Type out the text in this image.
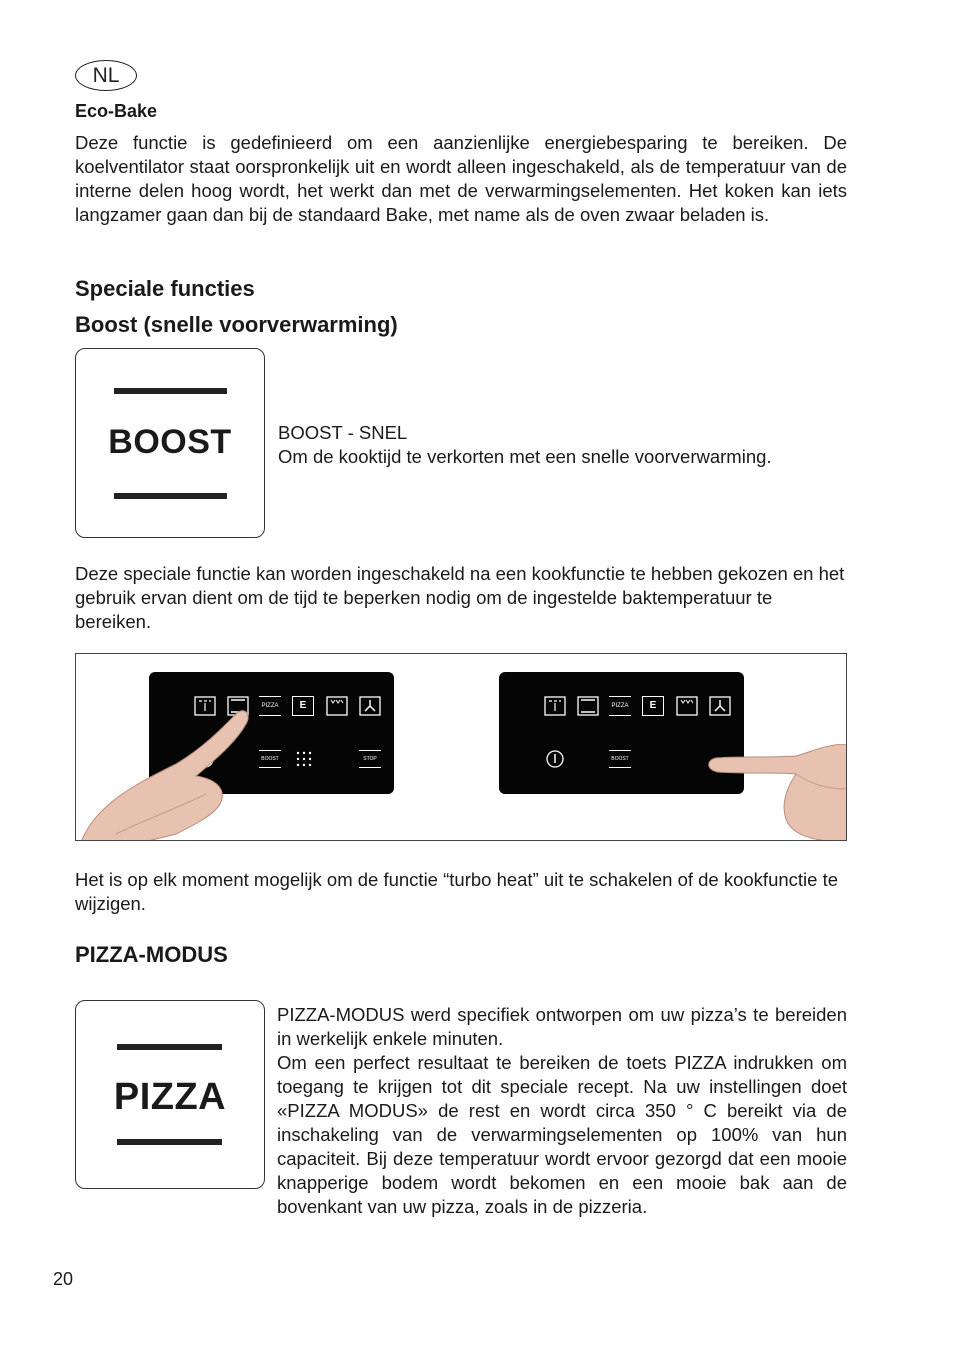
NL
Eco-Bake
Deze functie is gedefinieerd om een aanzienlijke energiebesparing te bereiken. De koelventilator staat oorspronkelijk uit en wordt alleen ingeschakeld, als de temperatuur van de interne delen hoog wordt, het werkt dan met de verwarmingselementen. Het koken kan iets langzamer gaan dan bij de standaard Bake, met name als de oven zwaar beladen is.
Speciale functies
Boost (snelle voorverwarming)
BOOST	BOOST - SNEL
Om de kooktijd te verkorten met een snelle voorverwarming.
Deze speciale functie kan worden ingeschakeld na een kookfunctie te hebben gekozen en het gebruik ervan dient om de tijd te beperken nodig om de ingestelde baktemperatuur te bereiken.
PIZZA	E
BOOST	STOP
PIZZA	E
BOOST
Het is op elk moment mogelijk om de functie “turbo heat” uit te schakelen of de kookfunctie te wijzigen.
PIZZA-MODUS
PIZZA
PIZZA-MODUS werd specifiek ontworpen om uw pizza’s te bereiden in werkelijk enkele minuten.
Om een perfect resultaat te bereiken de toets PIZZA indrukken om toegang te krijgen tot dit speciale recept. Na uw instellingen doet «PIZZA MODUS» de rest en wordt circa 350 ° C bereikt via de inschakeling van de verwarmingselementen op 100% van hun capaciteit. Bij deze temperatuur wordt ervoor gezorgd dat een mooie knapperige bodem wordt bekomen en een mooie bak aan de bovenkant van uw pizza, zoals in de pizzeria.
20
